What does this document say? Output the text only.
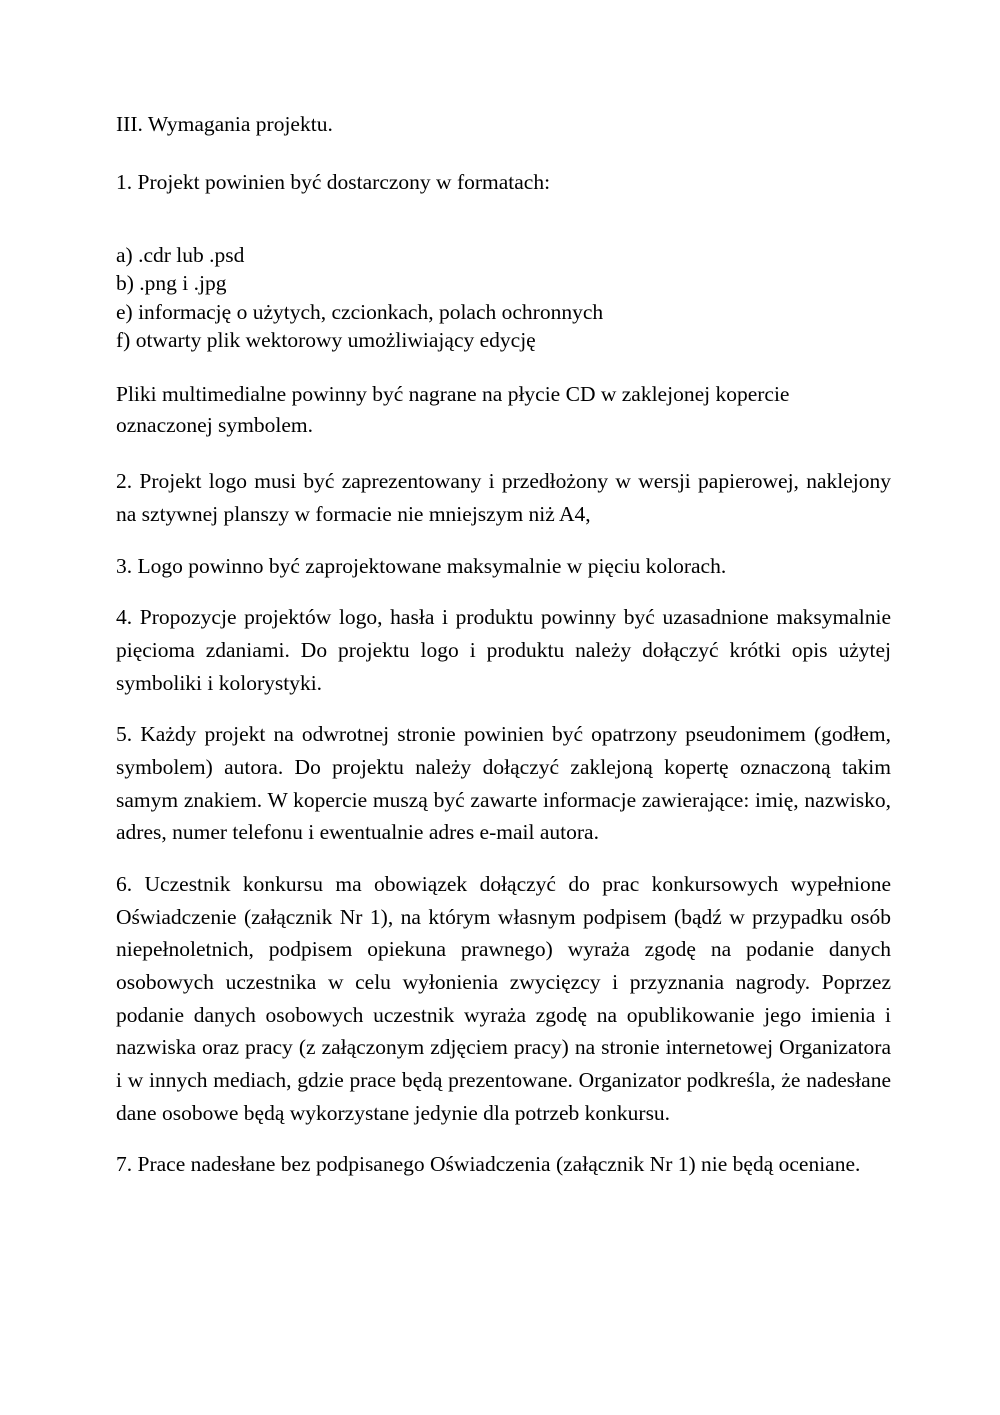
III. Wymagania projektu.
1. Projekt powinien być dostarczony w formatach:
a) .cdr lub .psd
b) .png i .jpg
e) informację o użytych, czcionkach, polach ochronnych
f) otwarty plik wektorowy umożliwiający edycję
Pliki multimedialne powinny być nagrane na płycie CD w zaklejonej kopercie oznaczonej symbolem.

2. Projekt logo musi być zaprezentowany i przedłożony w wersji papierowej, naklejony na sztywnej planszy w formacie nie mniejszym niż A4,

3. Logo powinno być zaprojektowane maksymalnie w pięciu kolorach.

4. Propozycje projektów logo, hasła i produktu powinny być uzasadnione maksymalnie pięcioma zdaniami. Do projektu logo i produktu należy dołączyć krótki opis użytej symboliki i kolorystyki.

5. Każdy projekt na odwrotnej stronie powinien być opatrzony pseudonimem (godłem, symbolem) autora. Do projektu należy dołączyć zaklejoną kopertę oznaczoną takim samym znakiem. W kopercie muszą być zawarte informacje zawierające: imię, nazwisko, adres, numer telefonu i ewentualnie adres e-mail autora.

6. Uczestnik konkursu ma obowiązek dołączyć do prac konkursowych wypełnione Oświadczenie (załącznik Nr 1), na którym własnym podpisem (bądź w przypadku osób niepełnoletnich, podpisem opiekuna prawnego) wyraża zgodę na podanie danych osobowych uczestnika w celu wyłonienia zwycięzcy i przyznania nagrody. Poprzez podanie danych osobowych uczestnik wyraża zgodę na opublikowanie jego imienia i nazwiska oraz pracy (z załączonym zdjęciem pracy) na stronie internetowej Organizatora i w innych mediach, gdzie prace będą prezentowane. Organizator podkreśla, że nadesłane dane osobowe będą wykorzystane jedynie dla potrzeb konkursu.

7. Prace nadesłane bez podpisanego Oświadczenia (załącznik Nr 1) nie będą oceniane.
